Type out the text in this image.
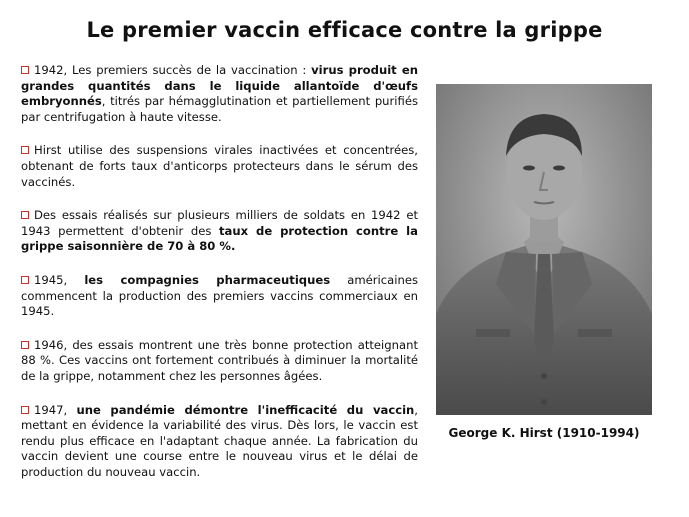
Le premier vaccin efficace contre la grippe

1942, Les premiers succès de la vaccination : virus produit en grandes quantités dans le liquide allantoïde d'œufs embryonnés, titrés par hémagglutination et partiellement purifiés par centrifugation à haute vitesse.

Hirst utilise des suspensions virales inactivées et concentrées, obtenant de forts taux d'anticorps protecteurs dans le sérum des vaccinés.

Des essais réalisés sur plusieurs milliers de soldats en 1942 et 1943 permettent d'obtenir des taux de protection contre la grippe saisonnière de 70 à 80 %.

1945, les compagnies pharmaceutiques américaines commencent la production des premiers vaccins commerciaux en 1945.

1946, des essais montrent une très bonne protection atteignant 88 %. Ces vaccins ont fortement contribués à diminuer la mortalité de la grippe, notamment chez les personnes âgées.

1947, une pandémie démontre l'inefficacité du vaccin, mettant en évidence la variabilité des virus. Dès lors, le vaccin est rendu plus efficace en l'adaptant chaque année. La fabrication du vaccin devient une course entre le nouveau virus et le délai de production du nouveau vaccin.

George K. Hirst (1910-1994)
